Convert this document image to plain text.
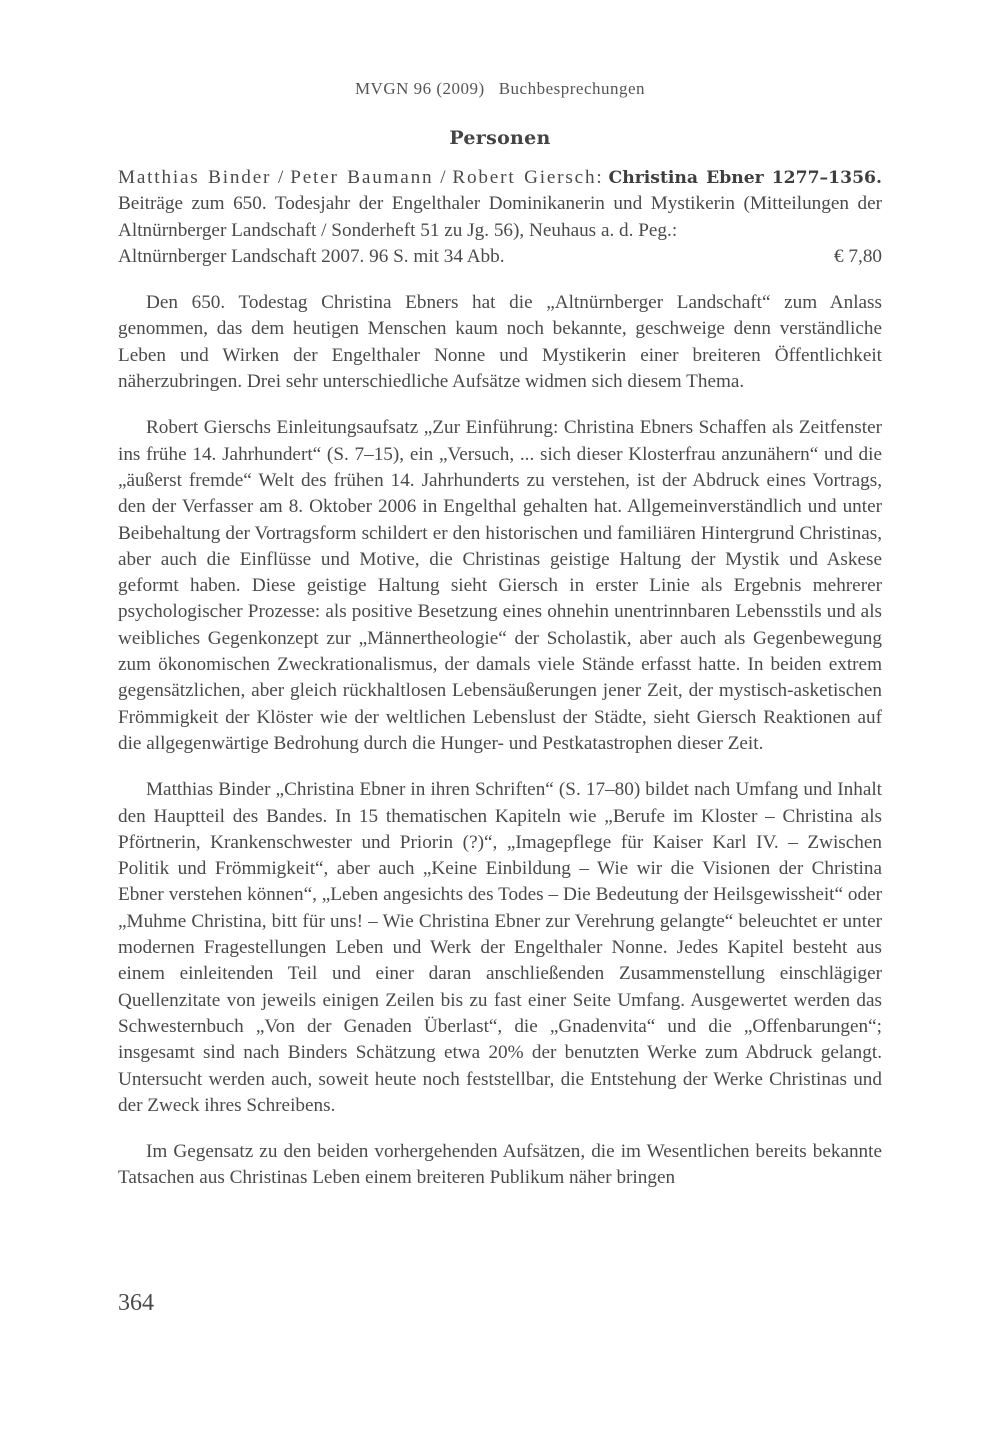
MVGN 96 (2009) Buchbesprechungen
Personen

Matthias Binder / Peter Baumann / Robert Giersch: Christina Ebner 1277–1356. Beiträge zum 650. Todesjahr der Engelthaler Dominikanerin und Mystikerin (Mitteilungen der Altnürnberger Landschaft / Sonderheft 51 zu Jg. 56), Neuhaus a. d. Peg.:

Altnürnberger Landschaft 2007. 96 S. mit 34 Abb.	€ 7,80

Den 650. Todestag Christina Ebners hat die „Altnürnberger Landschaft“ zum Anlass genommen, das dem heutigen Menschen kaum noch bekannte, geschweige denn verständliche Leben und Wirken der Engelthaler Nonne und Mystikerin einer breiteren Öffentlichkeit näherzubringen. Drei sehr unterschiedliche Aufsätze widmen sich diesem Thema.

Robert Gierschs Einleitungsaufsatz „Zur Einführung: Christina Ebners Schaffen als Zeitfenster ins frühe 14. Jahrhundert“ (S. 7–15), ein „Versuch, ... sich dieser Klosterfrau anzunähern“ und die „äußerst fremde“ Welt des frühen 14. Jahrhunderts zu verstehen, ist der Abdruck eines Vortrags, den der Verfasser am 8. Oktober 2006 in Engelthal gehalten hat. Allgemeinverständlich und unter Beibehaltung der Vortragsform schildert er den historischen und familiären Hintergrund Christinas, aber auch die Einflüsse und Motive, die Christinas geistige Haltung der Mystik und Askese geformt haben. Diese geistige Haltung sieht Giersch in erster Linie als Ergebnis mehrerer psychologischer Prozesse: als positive Besetzung eines ohnehin unentrinnbaren Lebensstils und als weibliches Gegenkonzept zur „Männertheologie“ der Scholastik, aber auch als Gegenbewegung zum ökonomischen Zweckrationalismus, der damals viele Stände erfasst hatte. In beiden extrem gegensätzlichen, aber gleich rückhaltlosen Lebensäußerungen jener Zeit, der mystisch-asketischen Frömmigkeit der Klöster wie der weltlichen Lebenslust der Städte, sieht Giersch Reaktionen auf die allgegenwärtige Bedrohung durch die Hunger- und Pestkatastrophen dieser Zeit.

Matthias Binder „Christina Ebner in ihren Schriften“ (S. 17–80) bildet nach Umfang und Inhalt den Hauptteil des Bandes. In 15 thematischen Kapiteln wie „Berufe im Kloster – Christina als Pförtnerin, Krankenschwester und Priorin (?)“, „Imagepflege für Kaiser Karl IV. – Zwischen Politik und Frömmigkeit“, aber auch „Keine Einbildung – Wie wir die Visionen der Christina Ebner verstehen können“, „Leben angesichts des Todes – Die Bedeutung der Heilsgewissheit“ oder „Muhme Christina, bitt für uns! – Wie Christina Ebner zur Verehrung gelangte“ beleuchtet er unter modernen Fragestellungen Leben und Werk der Engelthaler Nonne. Jedes Kapitel besteht aus einem einleitenden Teil und einer daran anschließenden Zusammenstellung einschlägiger Quellenzitate von jeweils einigen Zeilen bis zu fast einer Seite Umfang. Ausgewertet werden das Schwesternbuch „Von der Genaden Überlast“, die „Gnadenvita“ und die „Offenbarungen“; insgesamt sind nach Binders Schätzung etwa 20% der benutzten Werke zum Abdruck gelangt. Untersucht werden auch, soweit heute noch feststellbar, die Entstehung der Werke Christinas und der Zweck ihres Schreibens.

Im Gegensatz zu den beiden vorhergehenden Aufsätzen, die im Wesentlichen bereits bekannte Tatsachen aus Christinas Leben einem breiteren Publikum näher bringen

364
